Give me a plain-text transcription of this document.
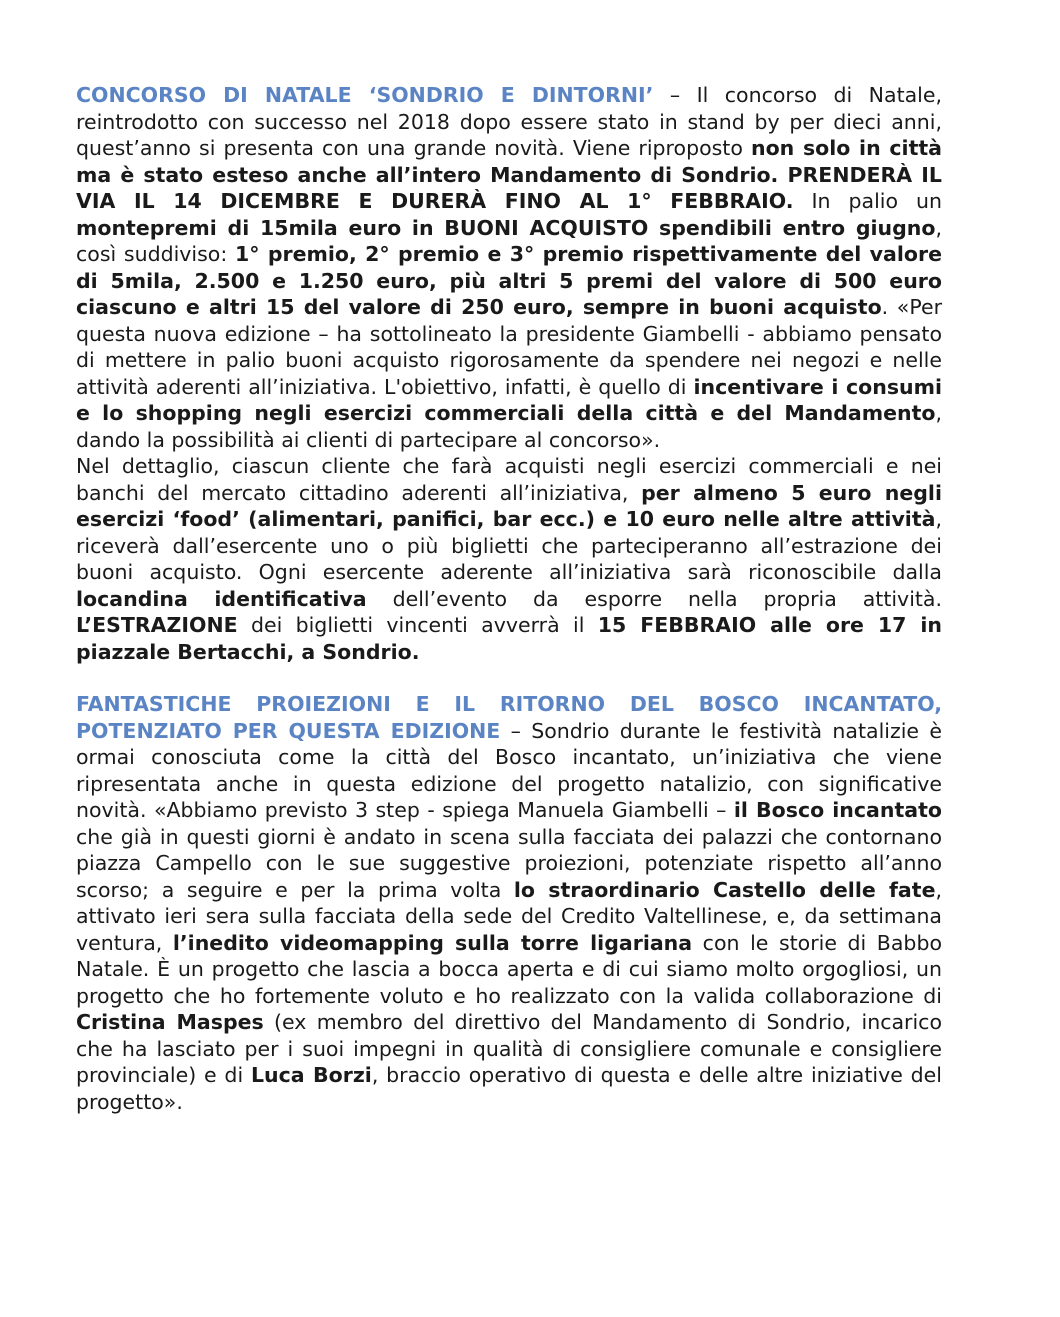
CONCORSO DI NATALE ‘SONDRIO E DINTORNI’ – Il concorso di Natale, reintrodotto con successo nel 2018 dopo essere stato in stand by per dieci anni, quest’anno si presenta con una grande novità. Viene riproposto non solo in città ma è stato esteso anche all’intero Mandamento di Sondrio. PRENDERÀ IL VIA IL 14 DICEMBRE E DURERÀ FINO AL 1° FEBBRAIO. In palio un montepremi di 15mila euro in BUONI ACQUISTO spendibili entro giugno, così suddiviso: 1° premio, 2° premio e 3° premio rispettivamente del valore di 5mila, 2.500 e 1.250 euro, più altri 5 premi del valore di 500 euro ciascuno e altri 15 del valore di 250 euro, sempre in buoni acquisto. «Per questa nuova edizione – ha sottolineato la presidente Giambelli - abbiamo pensato di mettere in palio buoni acquisto rigorosamente da spendere nei negozi e nelle attività aderenti all’iniziativa. L'obiettivo, infatti, è quello di incentivare i consumi e lo shopping negli esercizi commerciali della città e del Mandamento, dando la possibilità ai clienti di partecipare al concorso».

Nel dettaglio, ciascun cliente che farà acquisti negli esercizi commerciali e nei banchi del mercato cittadino aderenti all’iniziativa, per almeno 5 euro negli esercizi ‘food’ (alimentari, panifici, bar ecc.) e 10 euro nelle altre attività, riceverà dall’esercente uno o più biglietti che parteciperanno all’estrazione dei buoni acquisto. Ogni esercente aderente all’iniziativa sarà riconoscibile dalla locandina identificativa dell’evento da esporre nella propria attività. L’ESTRAZIONE dei biglietti vincenti avverrà il 15 FEBBRAIO alle ore 17 in piazzale Bertacchi, a Sondrio.

FANTASTICHE PROIEZIONI E IL RITORNO DEL BOSCO INCANTATO, POTENZIATO PER QUESTA EDIZIONE – Sondrio durante le festività natalizie è ormai conosciuta come la città del Bosco incantato, un’iniziativa che viene ripresentata anche in questa edizione del progetto natalizio, con significative novità. «Abbiamo previsto 3 step - spiega Manuela Giambelli – il Bosco incantato che già in questi giorni è andato in scena sulla facciata dei palazzi che contornano piazza Campello con le sue suggestive proiezioni, potenziate rispetto all’anno scorso; a seguire e per la prima volta lo straordinario Castello delle fate, attivato ieri sera sulla facciata della sede del Credito Valtellinese, e, da settimana ventura, l’inedito videomapping sulla torre ligariana con le storie di Babbo Natale. È un progetto che lascia a bocca aperta e di cui siamo molto orgogliosi, un progetto che ho fortemente voluto e ho realizzato con la valida collaborazione di Cristina Maspes (ex membro del direttivo del Mandamento di Sondrio, incarico che ha lasciato per i suoi impegni in qualità di consigliere comunale e consigliere provinciale) e di Luca Borzi, braccio operativo di questa e delle altre iniziative del progetto».
